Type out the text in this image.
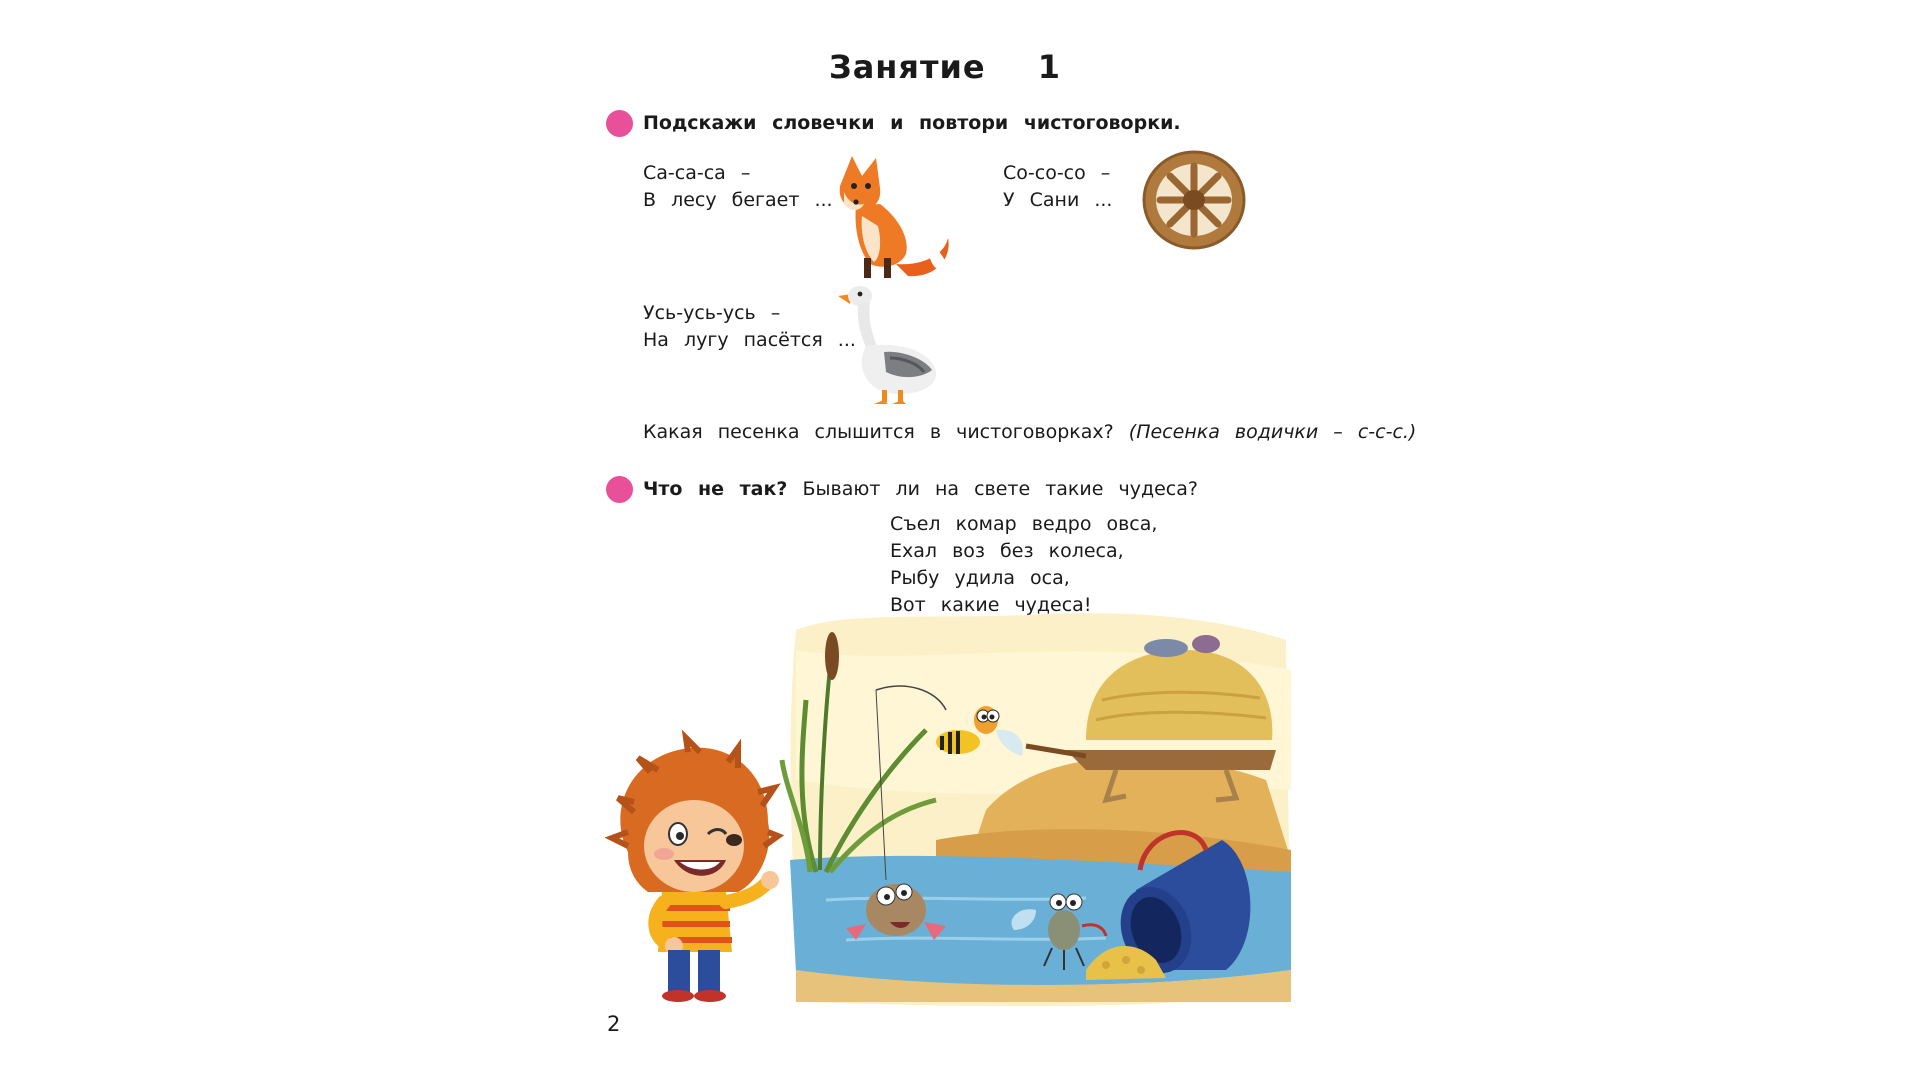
Занятие 1
Подскажи словечки и повтори чистоговорки.
Са-са-са –
В лесу бегает ...
Со-со-со –
У Сани ...
Усь-усь-усь –
На лугу пасётся ...
Какая песенка слышится в чистоговорках? (Песенка водички – с-с-с.)
Что не так? Бывают ли на свете такие чудеса?
Съел комар ведро овса,
Ехал воз без колеса,
Рыбу удила оса,
Вот какие чудеса!
2
